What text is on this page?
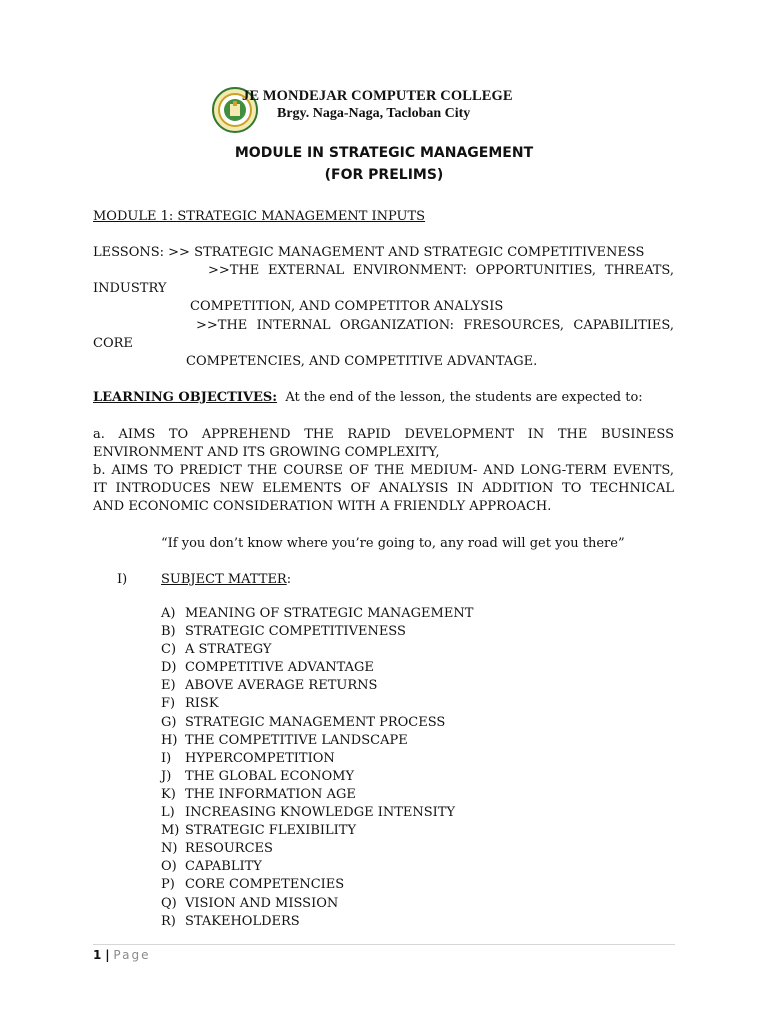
JE MONDEJAR COMPUTER COLLEGE
Brgy. Naga-Naga, Tacloban City
MODULE IN STRATEGIC MANAGEMENT
(FOR PRELIMS)
MODULE 1: STRATEGIC MANAGEMENT INPUTS
LESSONS: >> STRATEGIC MANAGEMENT AND STRATEGIC COMPETITIVENESS
>>THE EXTERNAL ENVIRONMENT: OPPORTUNITIES, THREATS,
INDUSTRY
COMPETITION, AND COMPETITOR ANALYSIS
>>THE INTERNAL ORGANIZATION: FRESOURCES, CAPABILITIES,
CORE
COMPETENCIES, AND COMPETITIVE ADVANTAGE.
LEARNING OBJECTIVES: At the end of the lesson, the students are expected to:
a. AIMS TO APPREHEND THE RAPID DEVELOPMENT IN THE BUSINESS
ENVIRONMENT AND ITS GROWING COMPLEXITY,
b. AIMS TO PREDICT THE COURSE OF THE MEDIUM- AND LONG-TERM EVENTS,
IT INTRODUCES NEW ELEMENTS OF ANALYSIS IN ADDITION TO TECHNICAL
AND ECONOMIC CONSIDERATION WITH A FRIENDLY APPROACH.
“If you don’t know where you’re going to, any road will get you there”
I)	SUBJECT MATTER:
A) MEANING OF STRATEGIC MANAGEMENT
B) STRATEGIC COMPETITIVENESS
C) A STRATEGY
D) COMPETITIVE ADVANTAGE
E) ABOVE AVERAGE RETURNS
F) RISK
G) STRATEGIC MANAGEMENT PROCESS
H) THE COMPETITIVE LANDSCAPE
I) HYPERCOMPETITION
J) THE GLOBAL ECONOMY
K) THE INFORMATION AGE
L) INCREASING KNOWLEDGE INTENSITY
M) STRATEGIC FLEXIBILITY
N) RESOURCES
O) CAPABLITY
P) CORE COMPETENCIES
Q) VISION AND MISSION
R) STAKEHOLDERS
1 | Page
